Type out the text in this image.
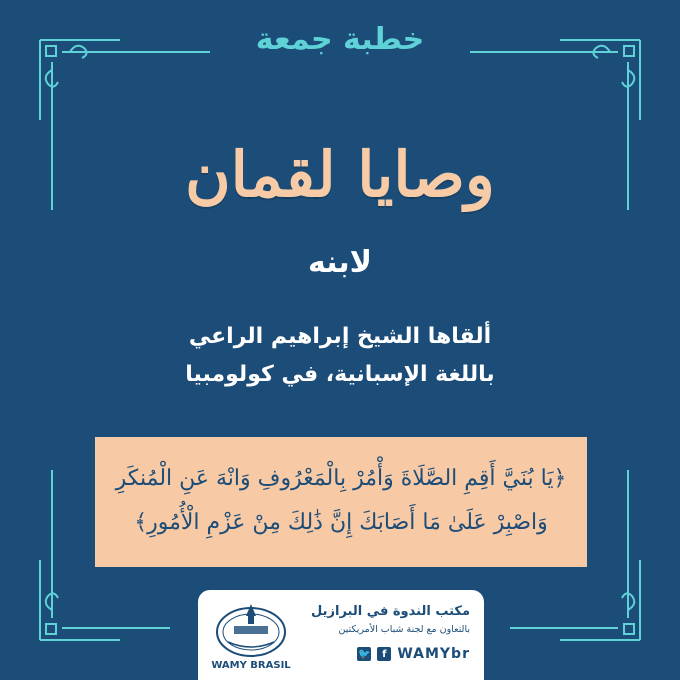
خطبة جمعة
وصايا لقمان
لابنه
ألقاها الشيخ إبراهيم الراعي
باللغة الإسبانية، في كولومبيا
﴿يَا بُنَيَّ أَقِمِ الصَّلَاةَ وَأْمُرْ بِالْمَعْرُوفِ وَانْهَ عَنِ الْمُنكَرِ
وَاصْبِرْ عَلَىٰ مَا أَصَابَكَ إِنَّ ذَٰلِكَ مِنْ عَزْمِ الْأُمُورِ﴾
WAMY BRASIL
مكتب الندوة في البرازيل
بالتعاون مع لجنة شباب الأمريكتين
🐦	f WAMYbr
